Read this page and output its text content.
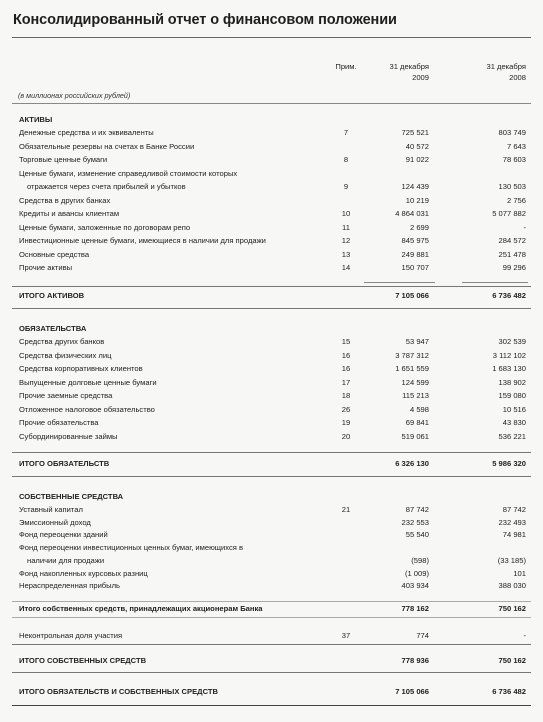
Консолидированный отчет о финансовом положении
Прим.	31 декабря
2009
31 декабря
2008
(в миллионах российских рублей)
АКТИВЫ
Денежные средства и их эквиваленты	7	725 521	803 749
Обязательные резервы на счетах в Банке России	40 572	7 643
Торговые ценные бумаги	8	91 022	78 603
Ценные бумаги, изменение справедливой стоимости которых
отражается через счета прибылей и убытков	9	124 439	130 503
Средства в других банках	10 219	2 756
Кредиты и авансы клиентам	10	4 864 031	5 077 882
Ценные бумаги, заложенные по договорам репо	11	2 699	-
Инвестиционные ценные бумаги, имеющиеся в наличии для продажи	12	845 975	284 572
Основные средства	13	249 881	251 478
Прочие активы	14	150 707	99 296
ИТОГО АКТИВОВ	7 105 066	6 736 482
ОБЯЗАТЕЛЬСТВА
Средства других банков	15	53 947	302 539
Средства физических лиц	16	3 787 312	3 112 102
Средства корпоративных клиентов	16	1 651 559	1 683 130
Выпущенные долговые ценные бумаги	17	124 599	138 902
Прочие заемные средства	18	115 213	159 080
Отложенное налоговое обязательство	26	4 598	10 516
Прочие обязательства	19	69 841	43 830
Субординированные займы	20	519 061	536 221
ИТОГО ОБЯЗАТЕЛЬСТВ	6 326 130	5 986 320
СОБСТВЕННЫЕ СРЕДСТВА
Уставный капитал	21	87 742	87 742
Эмиссионный доход	232 553	232 493
Фонд переоценки зданий	55 540	74 981
Фонд переоценки инвестиционных ценных бумаг, имеющихся в
наличии для продажи	(598)	(33 185)
Фонд накопленных курсовых разниц	(1 009)	101
Нераспределенная прибыль	403 934	388 030
Итого собственных средств, принадлежащих акционерам Банка	778 162	750 162
Неконтрольная доля участия	37	774	-
ИТОГО СОБСТВЕННЫХ СРЕДСТВ	778 936	750 162
ИТОГО ОБЯЗАТЕЛЬСТВ И СОБСТВЕННЫХ СРЕДСТВ	7 105 066	6 736 482
